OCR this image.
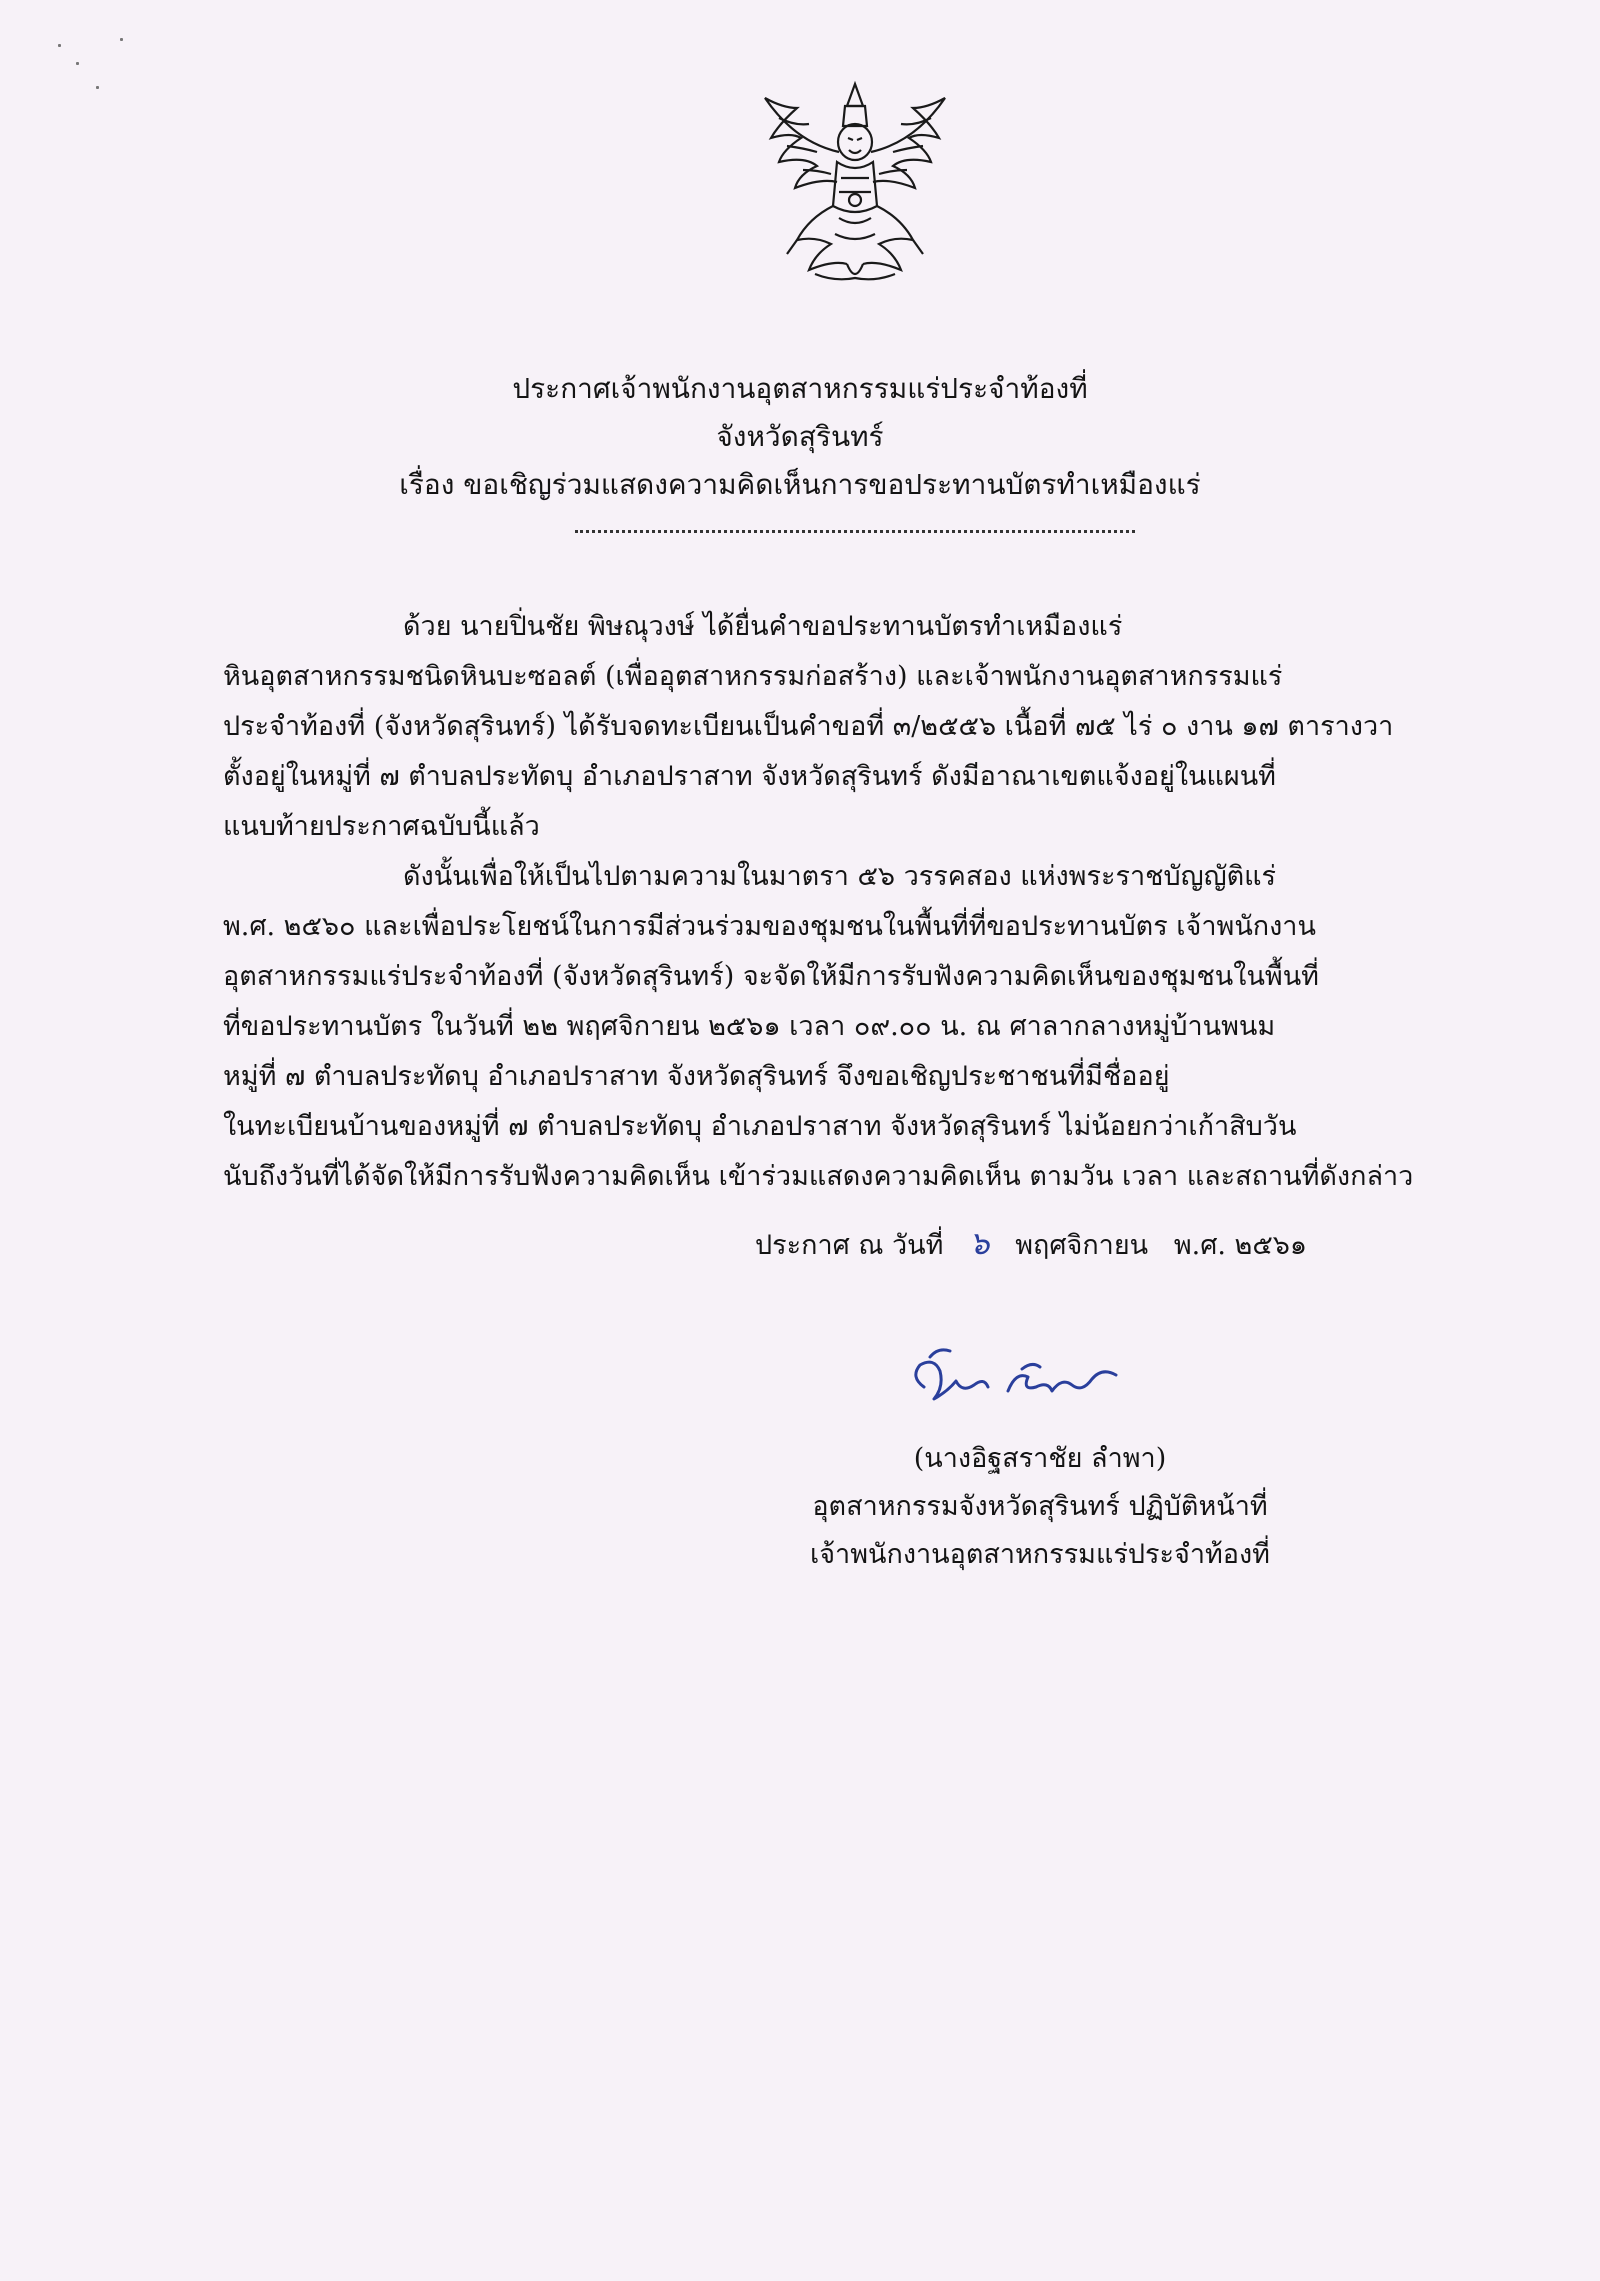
ประกาศเจ้าพนักงานอุตสาหกรรมแร่ประจำท้องที่
จังหวัดสุรินทร์
เรื่อง ขอเชิญร่วมแสดงความคิดเห็นการขอประทานบัตรทำเหมืองแร่
ด้วย นายปิ่นชัย พิษณุวงษ์ ได้ยื่นคำขอประทานบัตรทำเหมืองแร่
หินอุตสาหกรรมชนิดหินบะซอลต์ (เพื่ออุตสาหกรรมก่อสร้าง) และเจ้าพนักงานอุตสาหกรรมแร่
ประจำท้องที่ (จังหวัดสุรินทร์) ได้รับจดทะเบียนเป็นคำขอที่ ๓/๒๕๕๖ เนื้อที่ ๗๕ ไร่ ๐ งาน ๑๗ ตารางวา
ตั้งอยู่ในหมู่ที่ ๗ ตำบลประทัดบุ อำเภอปราสาท จังหวัดสุรินทร์ ดังมีอาณาเขตแจ้งอยู่ในแผนที่
แนบท้ายประกาศฉบับนี้แล้ว
ดังนั้นเพื่อให้เป็นไปตามความในมาตรา ๕๖ วรรคสอง แห่งพระราชบัญญัติแร่
พ.ศ. ๒๕๖๐ และเพื่อประโยชน์ในการมีส่วนร่วมของชุมชนในพื้นที่ที่ขอประทานบัตร เจ้าพนักงาน
อุตสาหกรรมแร่ประจำท้องที่ (จังหวัดสุรินทร์) จะจัดให้มีการรับฟังความคิดเห็นของชุมชนในพื้นที่
ที่ขอประทานบัตร ในวันที่ ๒๒ พฤศจิกายน ๒๕๖๑ เวลา ๐๙.๐๐ น. ณ ศาลากลางหมู่บ้านพนม
หมู่ที่ ๗ ตำบลประทัดบุ อำเภอปราสาท จังหวัดสุรินทร์ จึงขอเชิญประชาชนที่มีชื่ออยู่
ในทะเบียนบ้านของหมู่ที่ ๗ ตำบลประทัดบุ อำเภอปราสาท จังหวัดสุรินทร์ ไม่น้อยกว่าเก้าสิบวัน
นับถึงวันที่ได้จัดให้มีการรับฟังความคิดเห็น เข้าร่วมแสดงความคิดเห็น ตามวัน เวลา และสถานที่ดังกล่าว
ประกาศ ณ วันที่ ๖ พฤศจิกายน พ.ศ. ๒๕๖๑
(นางอิฐสราชัย ลำพา)
อุตสาหกรรมจังหวัดสุรินทร์ ปฏิบัติหน้าที่
เจ้าพนักงานอุตสาหกรรมแร่ประจำท้องที่
